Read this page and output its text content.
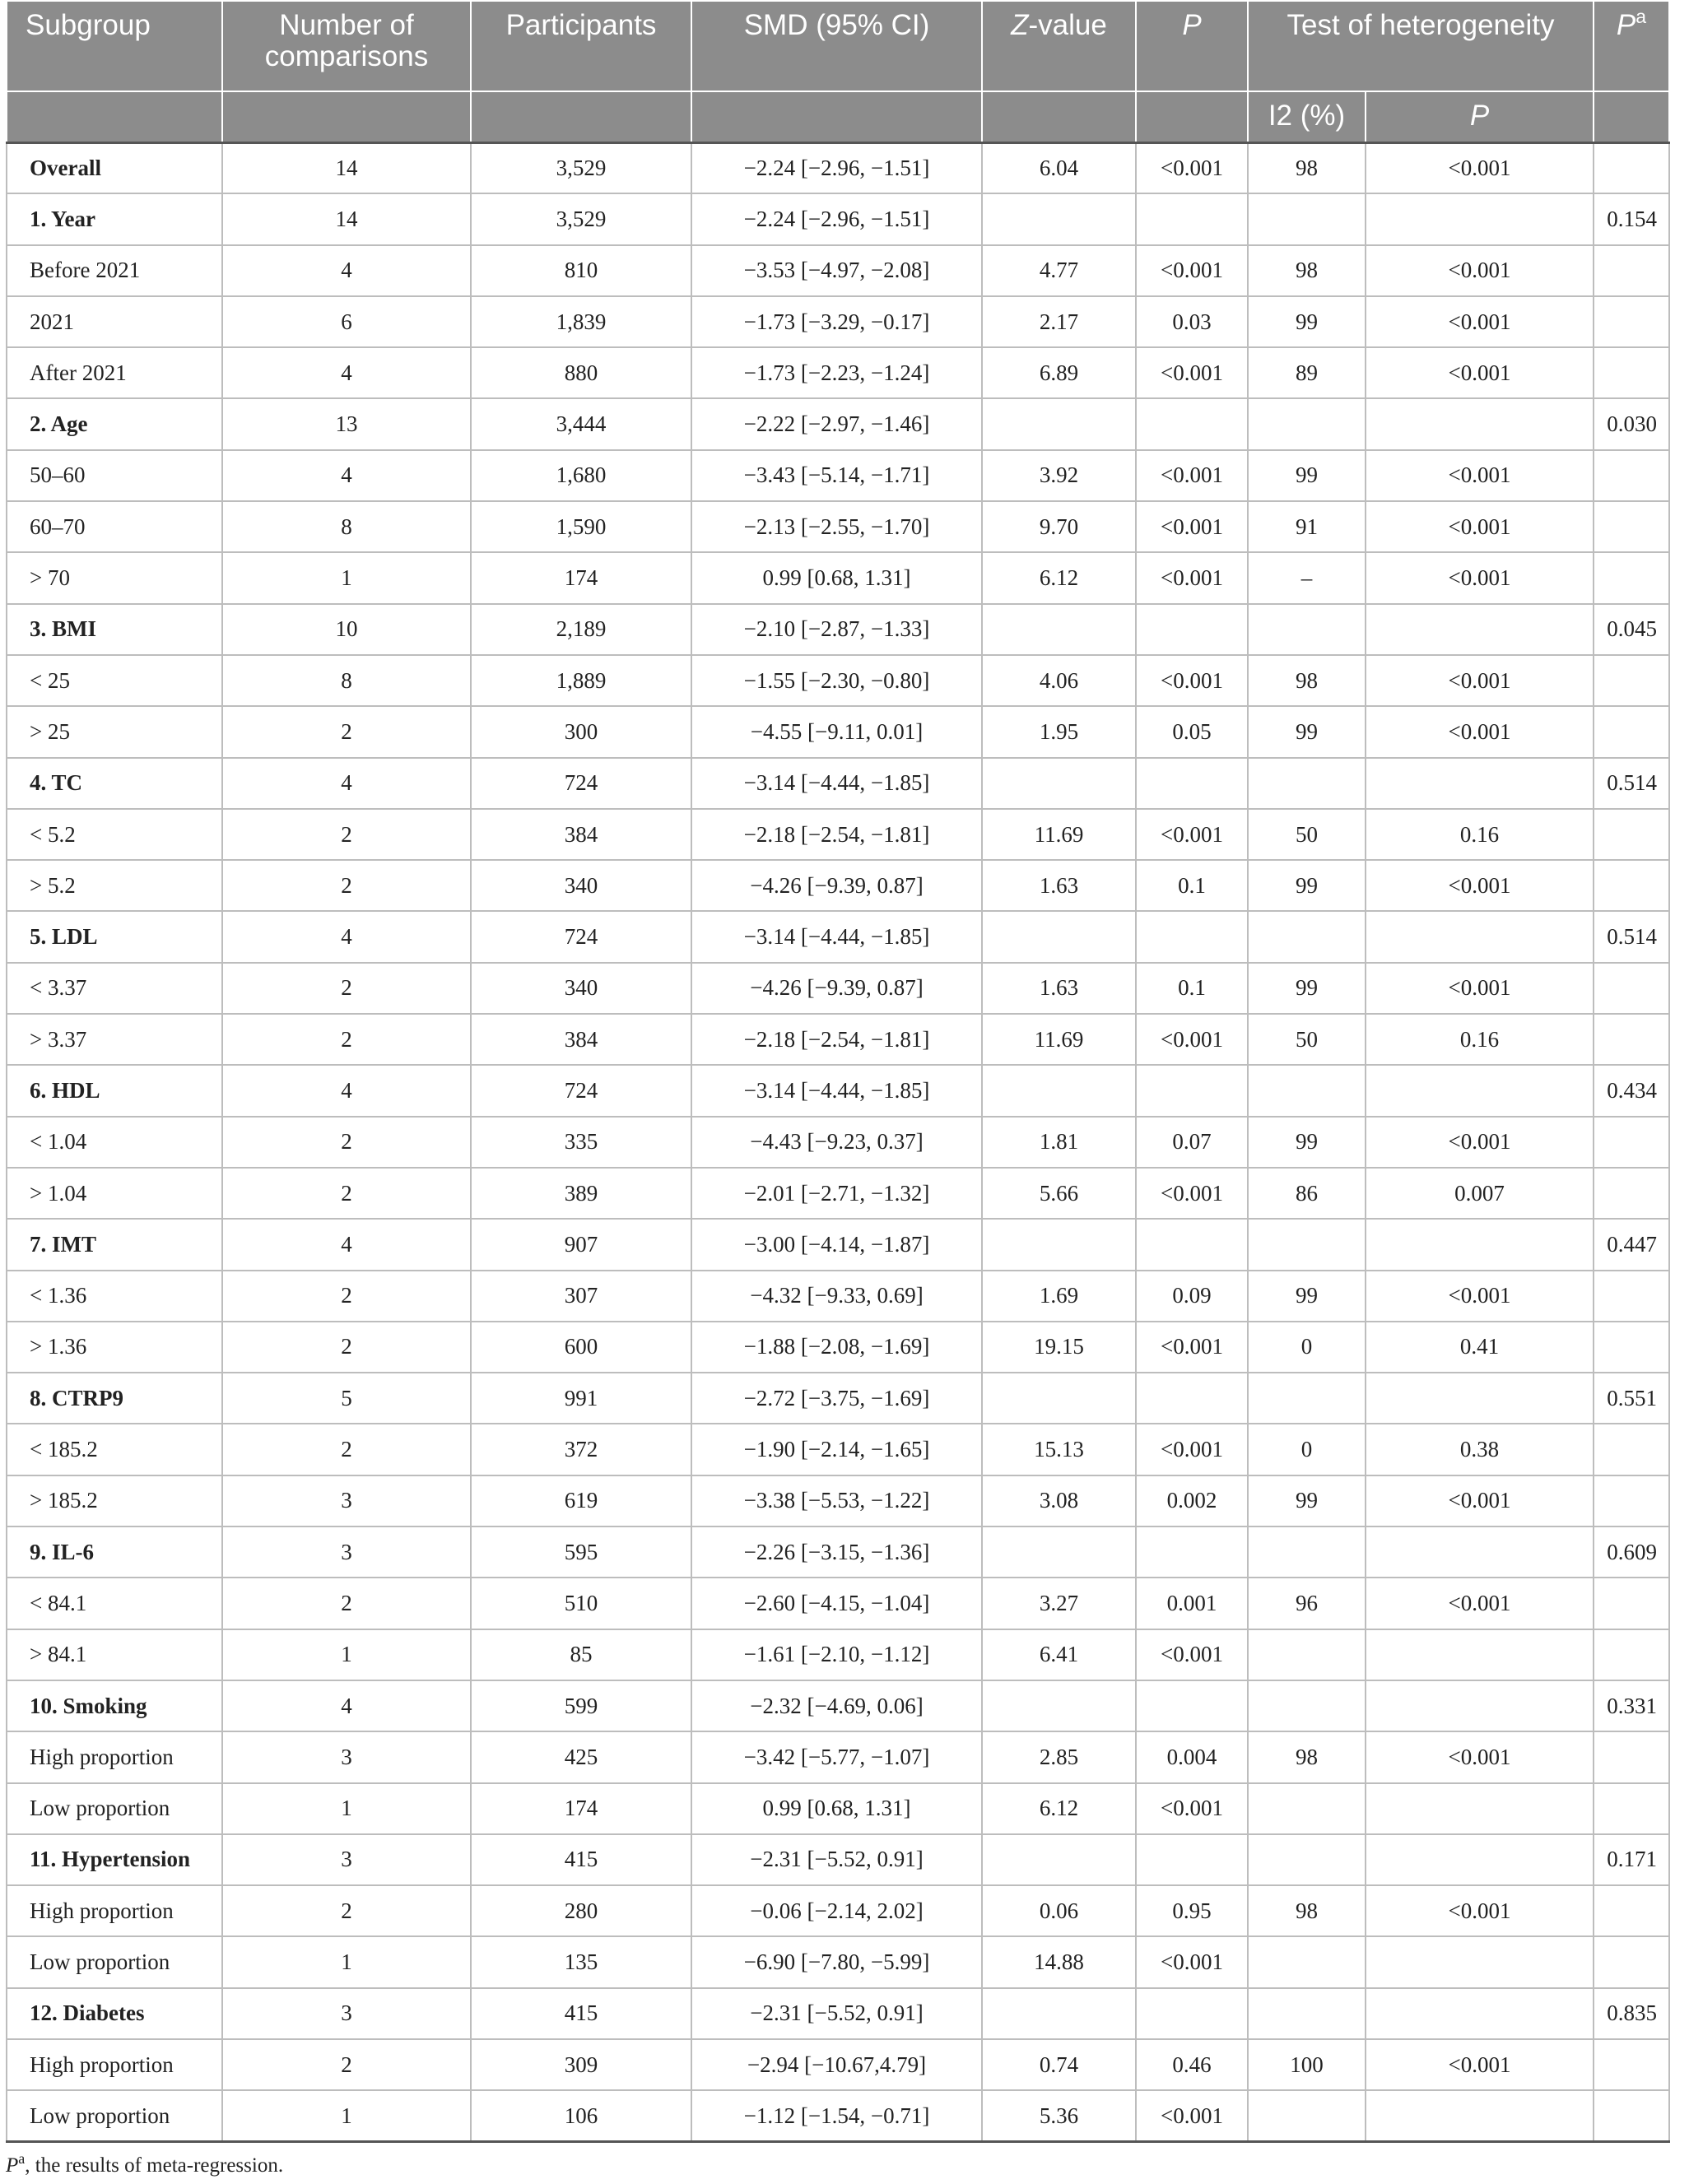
Subgroup	Number of comparisons	Participants	SMD (95% CI)	Z-value	P	Test of heterogeneity		$P^a$
						I2 (%)	P	
Overall	14	3,529	−2.24 [−2.96, −1.51]	6.04	<0.001	98	<0.001	
1. Year	14	3,529	−2.24 [−2.96, −1.51]					0.154
Before 2021	4	810	−3.53 [−4.97, −2.08]	4.77	<0.001	98	<0.001	
2021	6	1,839	−1.73 [−3.29, −0.17]	2.17	0.03	99	<0.001	
After 2021	4	880	−1.73 [−2.23, −1.24]	6.89	<0.001	89	<0.001	
2. Age	13	3,444	−2.22 [−2.97, −1.46]					0.030
50–60	4	1,680	−3.43 [−5.14, −1.71]	3.92	<0.001	99	<0.001	
60–70	8	1,590	−2.13 [−2.55, −1.70]	9.70	<0.001	91	<0.001	
> 70	1	174	0.99 [0.68, 1.31]	6.12	<0.001	–	<0.001	
3. BMI	10	2,189	−2.10 [−2.87, −1.33]					0.045
< 25	8	1,889	−1.55 [−2.30, −0.80]	4.06	<0.001	98	<0.001	
> 25	2	300	−4.55 [−9.11, 0.01]	1.95	0.05	99	<0.001	
4. TC	4	724	−3.14 [−4.44, −1.85]					0.514
< 5.2	2	384	−2.18 [−2.54, −1.81]	11.69	<0.001	50	0.16	
> 5.2	2	340	−4.26 [−9.39, 0.87]	1.63	0.1	99	<0.001	
5. LDL	4	724	−3.14 [−4.44, −1.85]					0.514
< 3.37	2	340	−4.26 [−9.39, 0.87]	1.63	0.1	99	<0.001	
> 3.37	2	384	−2.18 [−2.54, −1.81]	11.69	<0.001	50	0.16	
6. HDL	4	724	−3.14 [−4.44, −1.85]					0.434
< 1.04	2	335	−4.43 [−9.23, 0.37]	1.81	0.07	99	<0.001	
> 1.04	2	389	−2.01 [−2.71, −1.32]	5.66	<0.001	86	0.007	
7. IMT	4	907	−3.00 [−4.14, −1.87]					0.447
< 1.36	2	307	−4.32 [−9.33, 0.69]	1.69	0.09	99	<0.001	
> 1.36	2	600	−1.88 [−2.08, −1.69]	19.15	<0.001	0	0.41	
8. CTRP9	5	991	−2.72 [−3.75, −1.69]					0.551
< 185.2	2	372	−1.90 [−2.14, −1.65]	15.13	<0.001	0	0.38	
> 185.2	3	619	−3.38 [−5.53, −1.22]	3.08	0.002	99	<0.001	
9. IL-6	3	595	−2.26 [−3.15, −1.36]					0.609
< 84.1	2	510	−2.60 [−4.15, −1.04]	3.27	0.001	96	<0.001	
> 84.1	1	85	−1.61 [−2.10, −1.12]	6.41	<0.001			
10. Smoking	4	599	−2.32 [−4.69, 0.06]					0.331
High proportion	3	425	−3.42 [−5.77, −1.07]	2.85	0.004	98	<0.001	
Low proportion	1	174	0.99 [0.68, 1.31]	6.12	<0.001			
11. Hypertension	3	415	−2.31 [−5.52, 0.91]					0.171
High proportion	2	280	−0.06 [−2.14, 2.02]	0.06	0.95	98	<0.001	
Low proportion	1	135	−6.90 [−7.80, −5.99]	14.88	<0.001			
12. Diabetes	3	415	−2.31 [−5.52, 0.91]					0.835
High proportion	2	309	−2.94 [−10.67,4.79]	0.74	0.46	100	<0.001	
Low proportion	1	106	−1.12 [−1.54, −0.71]	5.36	<0.001			
$P^a$, the results of meta-regression.
